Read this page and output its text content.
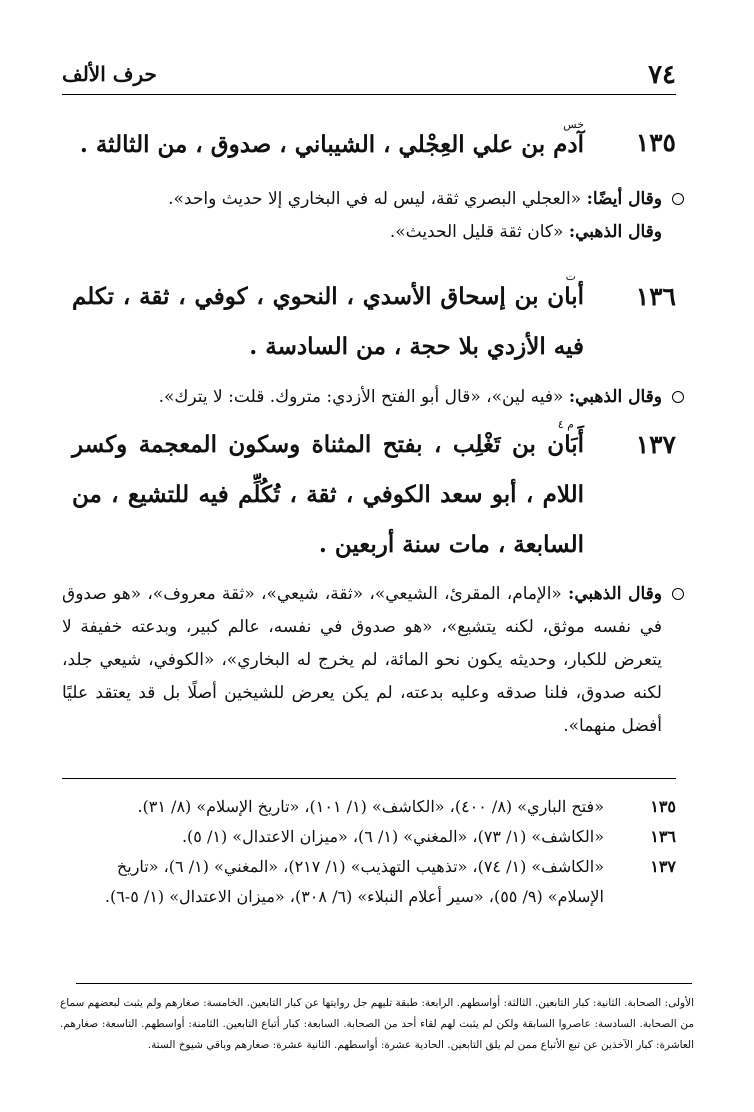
٧٤
حرف الألف
١٣٥
خس
آدم بن علي العِجْلي ، الشيباني ، صدوق ، من الثالثة .
وقال أيضًا: «العجلي البصري ثقة، ليس له في البخاري إلا حديث واحد».
وقال الذهبي: «كان ثقة قليل الحديث».
١٣٦
ت
أبان بن إسحاق الأسدي ، النحوي ، كوفي ، ثقة ، تكلم فيه الأزدي بلا حجة ، من السادسة .
وقال الذهبي: «فيه لين»، «قال أبو الفتح الأزدي: متروك. قلت: لا يترك».
١٣٧
م ٤
أَبَان بن تَغْلِب ، بفتح المثناة وسكون المعجمة وكسر اللام ، أبو سعد الكوفي ، ثقة ، تُكُلِّم فيه للتشيع ، من السابعة ، مات سنة أربعين .
وقال الذهبي: «الإمام، المقرئ، الشيعي»، «ثقة، شيعي»، «ثقة معروف»، «هو صدوق في نفسه موثق، لكنه يتشيع»، «هو صدوق في نفسه، عالم كبير، وبدعته خفيفة لا يتعرض للكبار، وحديثه يكون نحو المائة، لم يخرج له البخاري»، «الكوفي، شيعي جلد، لكنه صدوق، فلنا صدقه وعليه بدعته، لم يكن يعرض للشيخين أصلًا بل قد يعتقد عليًا أفضل منهما».
١٣٥
«فتح الباري» (٨/ ٤٠٠)، «الكاشف» (١/ ١٠١)، «تاريخ الإسلام» (٨/ ٣١).
١٣٦
«الكاشف» (١/ ٧٣)، «المغني» (١/ ٦)، «ميزان الاعتدال» (١/ ٥).
١٣٧
«الكاشف» (١/ ٧٤)، «تذهيب التهذيب» (١/ ٢١٧)، «المغني» (١/ ٦)، «تاريخ الإسلام» (٩/ ٥٥)، «سير أعلام النبلاء» (٦/ ٣٠٨)، «ميزان الاعتدال» (١/ ٥-٦).
الأولى: الصحابة. الثانية: كبار التابعين. الثالثة: أواسطهم. الرابعة: طبقة تليهم جل روايتها عن كبار التابعين. الخامسة: صغارهم ولم يثبت لبعضهم سماع من الصحابة. السادسة: عاصروا السابقة ولكن لم يثبت لهم لقاء أحد من الصحابة. السابعة: كبار أتباع التابعين. الثامنة: أواسطهم. التاسعة: صغارهم. العاشرة: كبار الآخذين عن تبع الأتباع ممن لم يلق التابعين. الحادية عشرة: أواسطهم. الثانية عشرة: صغارهم وباقي شيوخ الستة.
